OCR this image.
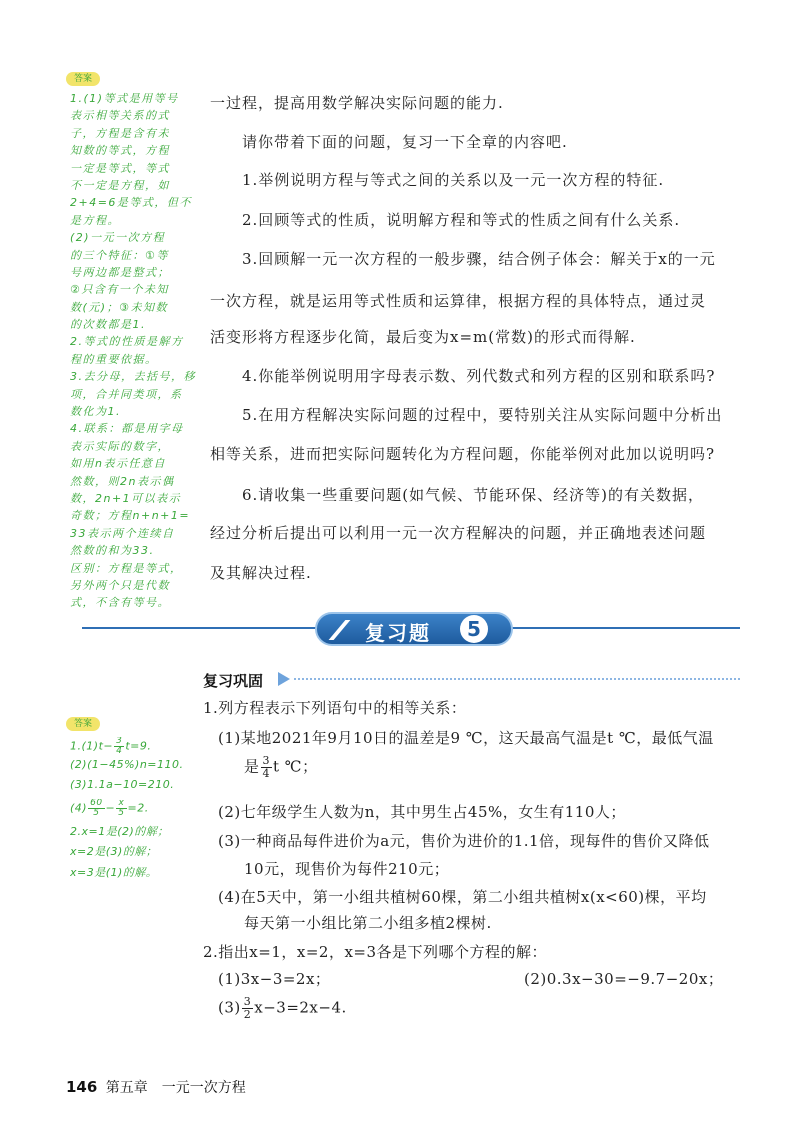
答案
1.(1)等式是用等号
表示相等关系的式
子，方程是含有未
知数的等式，方程
一定是等式，等式
不一定是方程，如
2+4=6是等式，但不
是方程。
(2)一元一次方程
的三个特征：①等
号两边都是整式；
②只含有一个未知
数(元)；③未知数
的次数都是1.
2.等式的性质是解方
程的重要依据。
3.去分母，去括号，移
项，合并同类项，系
数化为1.
4.联系：都是用字母
表示实际的数字，
如用n表示任意自
然数，则2n表示偶
数，2n+1可以表示
奇数；方程n+n+1=
33表示两个连续自
然数的和为33.
区别：方程是等式，
另外两个只是代数
式，不含有等号。
一过程，提高用数学解决实际问题的能力.
请你带着下面的问题，复习一下全章的内容吧.
1.举例说明方程与等式之间的关系以及一元一次方程的特征.
2.回顾等式的性质，说明解方程和等式的性质之间有什么关系.
3.回顾解一元一次方程的一般步骤，结合例子体会：解关于x的一元
一次方程，就是运用等式性质和运算律，根据方程的具体特点，通过灵
活变形将方程逐步化简，最后变为x=m(常数)的形式而得解.
4.你能举例说明用字母表示数、列代数式和列方程的区别和联系吗?
5.在用方程解决实际问题的过程中，要特别关注从实际问题中分析出
相等关系，进而把实际问题转化为方程问题，你能举例对此加以说明吗?
6.请收集一些重要问题(如气候、节能环保、经济等)的有关数据，
经过分析后提出可以利用一元一次方程解决的问题，并正确地表述问题
及其解决过程.
复习题	5
复习巩固
答案
$1.(1)t- \frac{3}{4} t=9$.
(2)(1−45%)n=110.
(3)1.1a−10=210.
$(4) \frac{60}{5} - \frac{x}{5} =2$.
2.x=1是(2)的解；
x=2是(3)的解；
x=3是(1)的解。
1.列方程表示下列语句中的相等关系：
(1)某地2021年9月10日的温差是9 ℃，这天最高气温是t ℃，最低气温
是 $\frac{3}{4}$ t ℃；
(2)七年级学生人数为n，其中男生占45%，女生有110人；
(3)一种商品每件进价为a元，售价为进价的1.1倍，现每件的售价又降低
10元，现售价为每件210元；
(4)在5天中，第一小组共植树60棵，第二小组共植树x(x<60)棵，平均
每天第一小组比第二小组多植2棵树.
2.指出x=1，x=2，x=3各是下列哪个方程的解：
(1)3x−3=2x；	(2)0.3x−30=−9.7−20x；
$(3) \frac{3}{2} x-3=2x-4$.
146 第五章　一元一次方程
